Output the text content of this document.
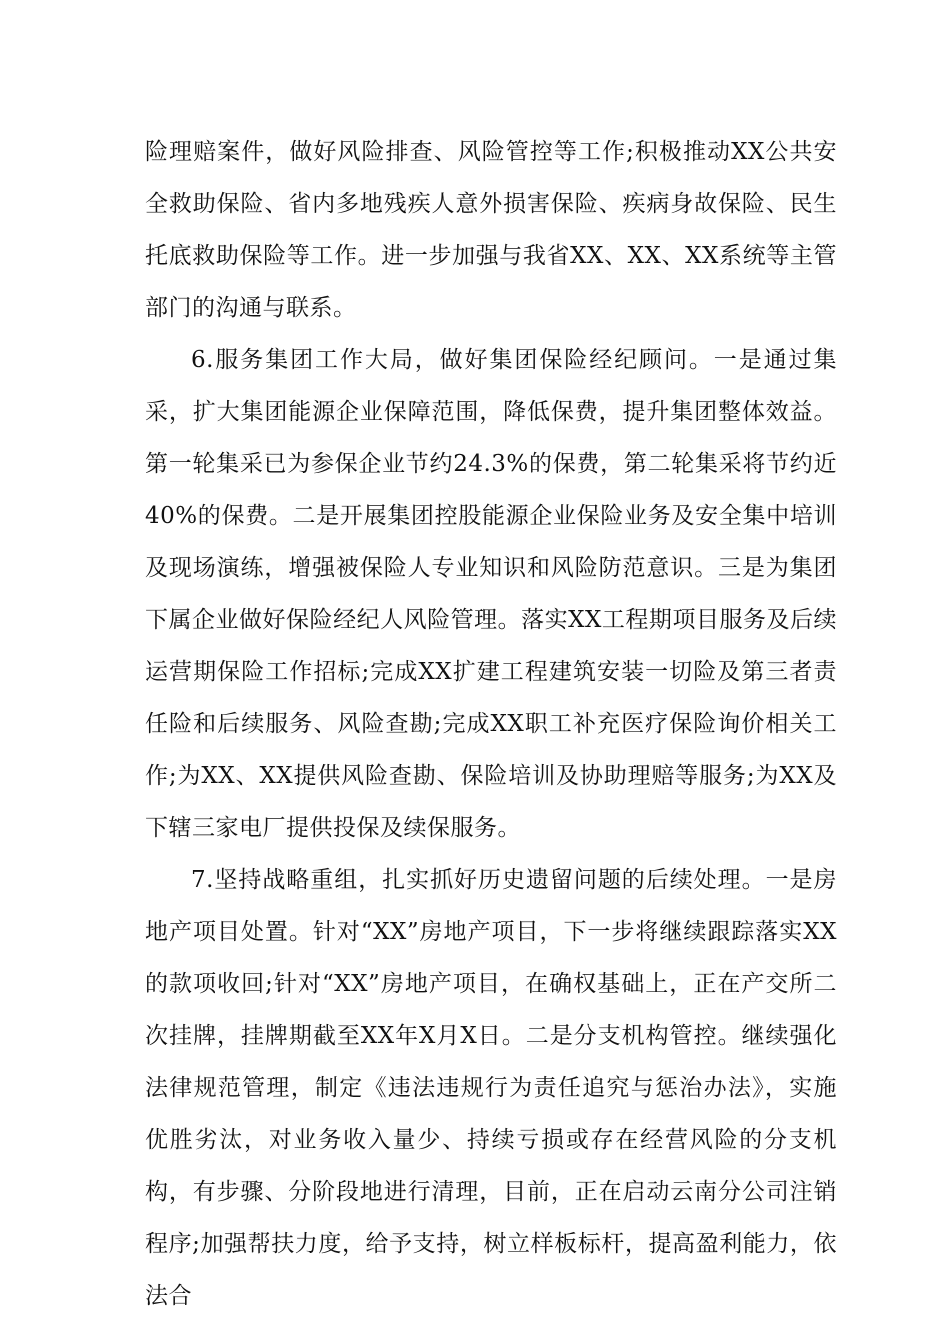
险理赔案件，做好风险排查、风险管控等工作;积极推动XX公共安全救助保险、省内多地残疾人意外损害保险、疾病身故保险、民生托底救助保险等工作。进一步加强与我省XX、XX、XX系统等主管部门的沟通与联系。

6.服务集团工作大局，做好集团保险经纪顾问。一是通过集采，扩大集团能源企业保障范围，降低保费，提升集团整体效益。第一轮集采已为参保企业节约24.3%的保费，第二轮集采将节约近40%的保费。二是开展集团控股能源企业保险业务及安全集中培训及现场演练，增强被保险人专业知识和风险防范意识。三是为集团下属企业做好保险经纪人风险管理。落实XX工程期项目服务及后续运营期保险工作招标;完成XX扩建工程建筑安装一切险及第三者责任险和后续服务、风险查勘;完成XX职工补充医疗保险询价相关工作;为XX、XX提供风险查勘、保险培训及协助理赔等服务;为XX及下辖三家电厂提供投保及续保服务。

7.坚持战略重组，扎实抓好历史遗留问题的后续处理。一是房地产项目处置。针对“XX”房地产项目，下一步将继续跟踪落实XX的款项收回;针对“XX”房地产项目，在确权基础上，正在产交所二次挂牌，挂牌期截至XX年X月X日。二是分支机构管控。继续强化法律规范管理，制定《违法违规行为责任追究与惩治办法》，实施优胜劣汰，对业务收入量少、持续亏损或存在经营风险的分支机构，有步骤、分阶段地进行清理，目前，正在启动云南分公司注销程序;加强帮扶力度，给予支持，树立样板标杆，提高盈利能力，依法合
